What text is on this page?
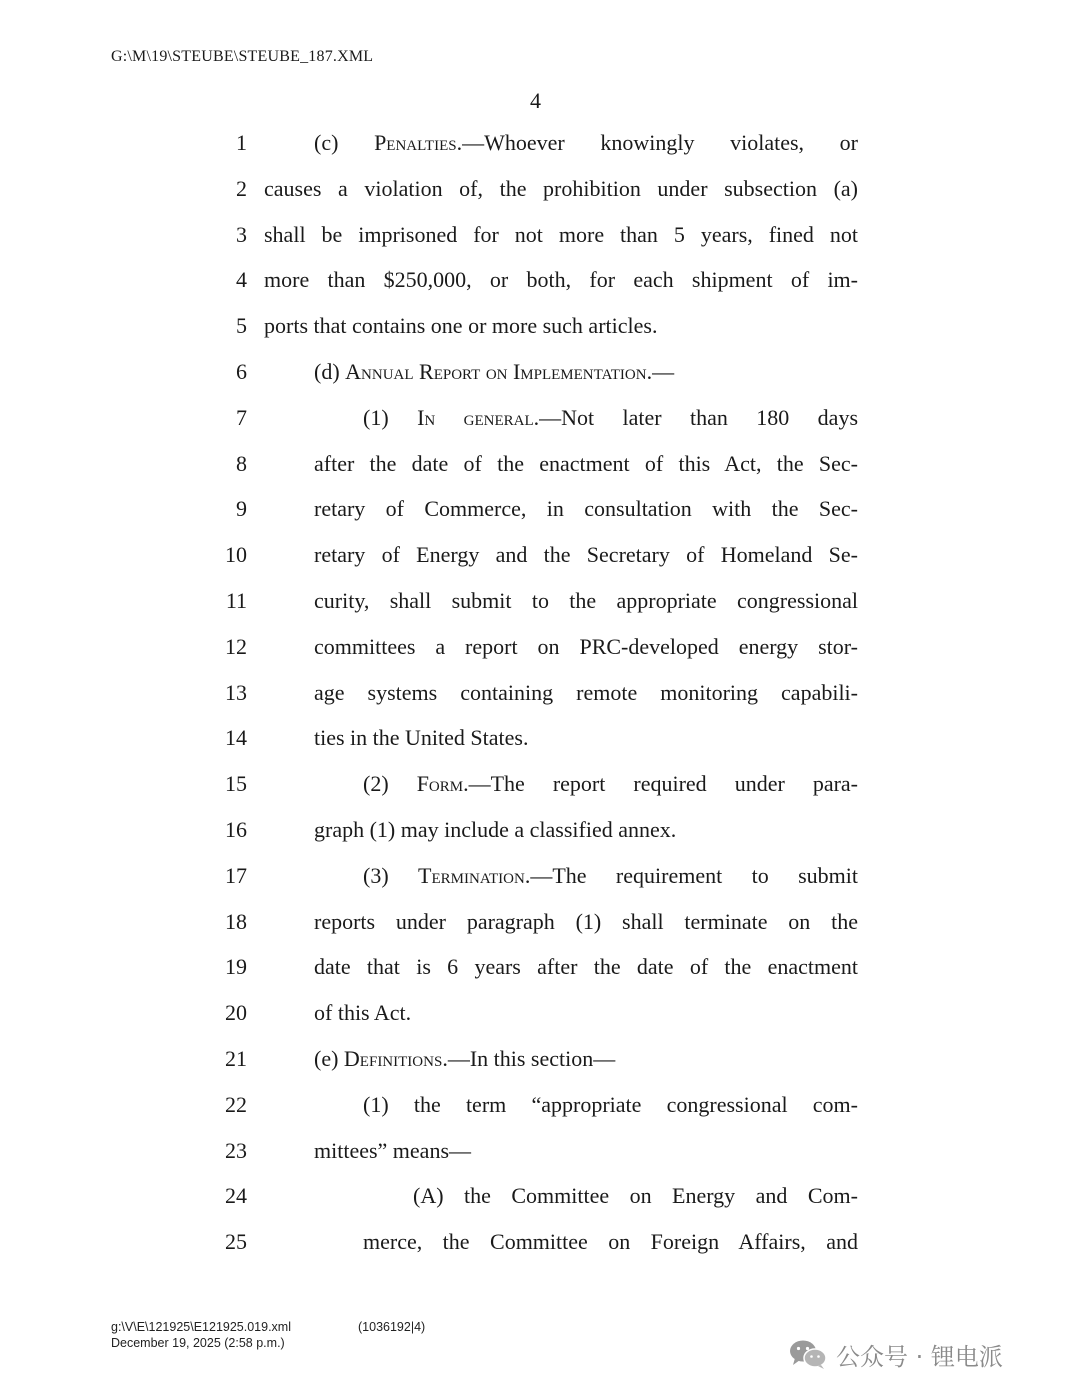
G:\M\19\STEUBE\STEUBE_187.XML
4
1	(c) Penalties.—Whoever knowingly violates, or
2 causes a violation of, the prohibition under subsection (a)
3 shall be imprisoned for not more than 5 years, fined not
4 more than $250,000, or both, for each shipment of im-
5 ports that contains one or more such articles.
6	(d) Annual Report on Implementation.—
7	(1) In general.—Not later than 180 days
8	after the date of the enactment of this Act, the Sec-
9	retary of Commerce, in consultation with the Sec-
10	retary of Energy and the Secretary of Homeland Se-
11	curity, shall submit to the appropriate congressional
12	committees a report on PRC-developed energy stor-
13	age systems containing remote monitoring capabili-
14	ties in the United States.
15	(2) Form.—The report required under para-
16	graph (1) may include a classified annex.
17	(3) Termination.—The requirement to submit
18	reports under paragraph (1) shall terminate on the
19	date that is 6 years after the date of the enactment
20	of this Act.
21	(e) Definitions.—In this section—
22	(1) the term “appropriate congressional com-
23	mittees” means—
24	(A) the Committee on Energy and Com-
25	merce, the Committee on Foreign Affairs, and
g:\V\E\121925\E121925.019.xml
December 19, 2025 (2:58 p.m.)
(1036192|4)
公众号 · 锂电派
